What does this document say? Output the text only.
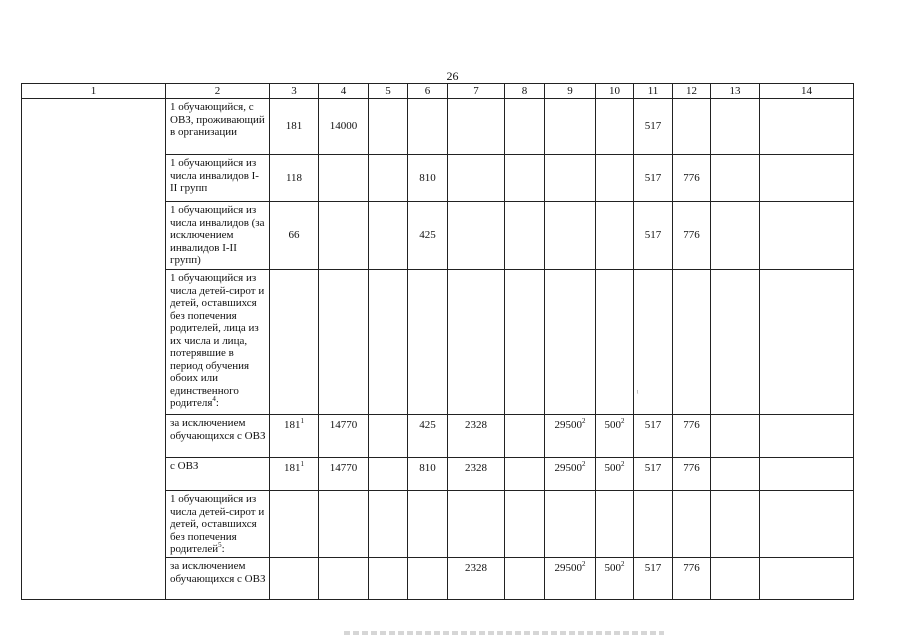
26
1	2	3	4	5	6	7	8	9	10	11	12	13	14
	1 обучающийся, с ОВЗ, проживающий в организации	181	14000							517			
	1 обучающийся из числа инвалидов I-II групп	118			810					517	776		
	1 обучающийся из числа инвалидов (за исключением инвалидов I-II групп)	66			425					517	776		
	1 обучающийся из числа детей-сирот и детей, оставшихся без попечения родителей, лица из их числа и лица, потерявшие в период обучения обоих или единственного родителя$^4$:												
	за исключением обучающихся с ОВЗ	$181^1$	14770		425	2328		29500$^2$	$500^2$	517	776		
	с ОВЗ	$181^1$	14770		810	2328		29500$^2$	$500^2$	517	776		
	1 обучающийся из числа детей-сирот и детей, оставшихся без попечения родителей$^5$:												
	за исключением обучающихся с ОВЗ					2328		29500$^2$	$500^2$	517	776		
ˡ
